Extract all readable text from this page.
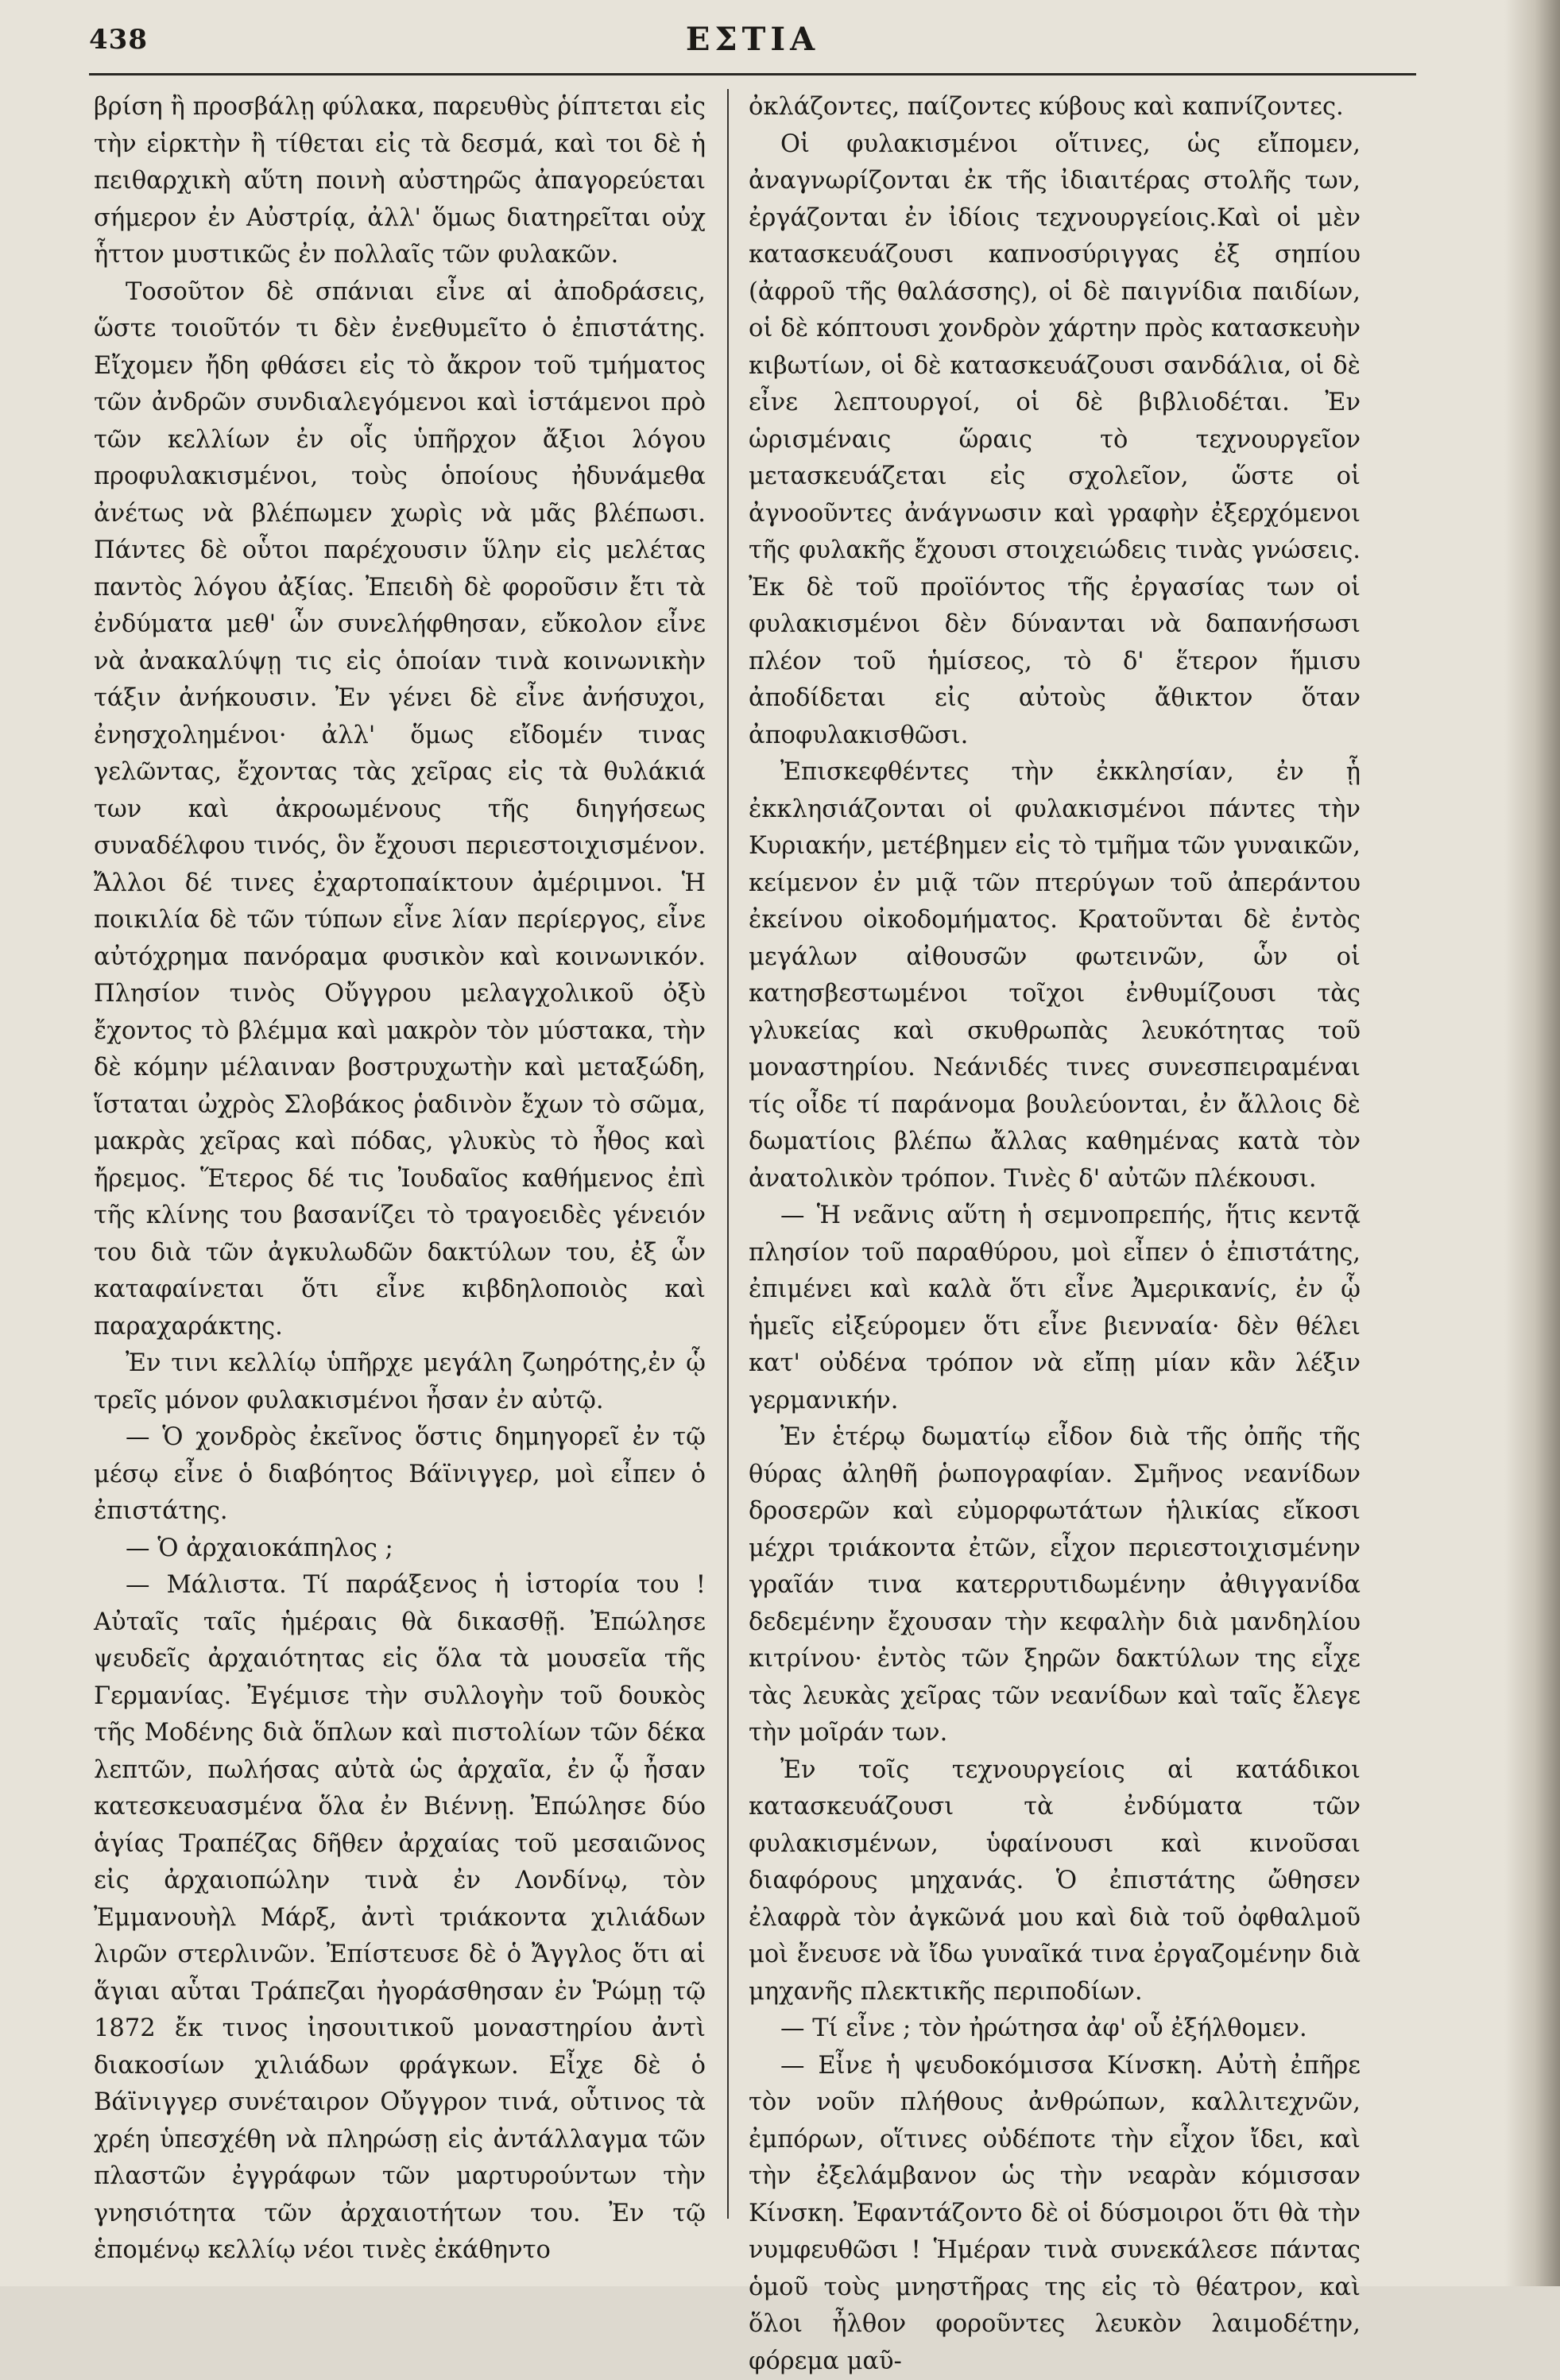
438	ΕΣΤΙΑ

βρίση ἢ προσβάλῃ φύλακα, παρευθὺς ῥίπτεται εἰς τὴν εἱρκτὴν ἢ τίθεται εἰς τὰ δεσμά, καὶ τοι δὲ ἡ πειθαρχικὴ αὕτη ποινὴ αὐστηρῶς ἀπαγορεύεται σήμερον ἐν Αὐστρίᾳ, ἀλλ' ὅμως διατηρεῖται οὐχ ἧττον μυστικῶς ἐν πολλαῖς τῶν φυλακῶν.

Τοσοῦτον δὲ σπάνιαι εἶνε αἱ ἀποδράσεις, ὥστε τοιοῦτόν τι δὲν ἐνεθυμεῖτο ὁ ἐπιστάτης. Εἴχομεν ἤδη φθάσει εἰς τὸ ἄκρον τοῦ τμήματος τῶν ἀνδρῶν συνδιαλεγόμενοι καὶ ἱστάμενοι πρὸ τῶν κελλίων ἐν οἷς ὑπῆρχον ἄξιοι λόγου προφυλακισμένοι, τοὺς ὁποίους ἠδυνάμεθα ἀνέτως νὰ βλέπωμεν χωρὶς νὰ μᾶς βλέπωσι. Πάντες δὲ οὗτοι παρέχουσιν ὕλην εἰς μελέτας παντὸς λόγου ἀξίας. Ἐπειδὴ δὲ φοροῦσιν ἔτι τὰ ἐνδύματα μεθ' ὧν συνελήφθησαν, εὔκολον εἶνε νὰ ἀνακαλύψῃ τις εἰς ὁποίαν τινὰ κοινωνικὴν τάξιν ἀνήκουσιν. Ἐν γένει δὲ εἶνε ἀνήσυχοι, ἐνησχολημένοι· ἀλλ' ὅμως εἴδομέν τινας γελῶντας, ἔχοντας τὰς χεῖρας εἰς τὰ θυλάκιά των καὶ ἀκροωμένους τῆς διηγήσεως συναδέλφου τινός, ὃν ἔχουσι περιεστοιχισμένον. Ἄλλοι δέ τινες ἐχαρτοπαίκτουν ἀμέριμνοι. Ἡ ποικιλία δὲ τῶν τύπων εἶνε λίαν περίεργος, εἶνε αὐτόχρημα πανόραμα φυσικὸν καὶ κοινωνικόν. Πλησίον τινὸς Οὔγγρου μελαγχολικοῦ ὀξὺ ἔχοντος τὸ βλέμμα καὶ μακρὸν τὸν μύστακα, τὴν δὲ κόμην μέλαιναν βοστρυχωτὴν καὶ μεταξώδη, ἵσταται ὠχρὸς Σλοβάκος ῥαδινὸν ἔχων τὸ σῶμα, μακρὰς χεῖρας καὶ πόδας, γλυκὺς τὸ ἦθος καὶ ἤρεμος. Ἕτερος δέ τις Ἰουδαῖος καθήμενος ἐπὶ τῆς κλίνης του βασανίζει τὸ τραγοειδὲς γένειόν του διὰ τῶν ἀγκυλωδῶν δακτύλων του, ἐξ ὧν καταφαίνεται ὅτι εἶνε κιβδηλοποιὸς καὶ παραχαράκτης.

Ἐν τινι κελλίῳ ὑπῆρχε μεγάλη ζωηρότης,ἐν ᾧ τρεῖς μόνον φυλακισμένοι ἦσαν ἐν αὐτῷ.

— Ὁ χονδρὸς ἐκεῖνος ὅστις δημηγορεῖ ἐν τῷ μέσῳ εἶνε ὁ διαβόητος Βάϊνιγγερ, μοὶ εἶπεν ὁ ἐπιστάτης.

— Ὁ ἀρχαιοκάπηλος ;

— Μάλιστα. Τί παράξενος ἡ ἱστορία του ! Αὐταῖς ταῖς ἡμέραις θὰ δικασθῇ. Ἐπώλησε ψευδεῖς ἀρχαιότητας εἰς ὅλα τὰ μουσεῖα τῆς Γερμανίας. Ἐγέμισε τὴν συλλογὴν τοῦ δουκὸς τῆς Μοδένης διὰ ὅπλων καὶ πιστολίων τῶν δέκα λεπτῶν, πωλήσας αὐτὰ ὡς ἀρχαῖα, ἐν ᾧ ἦσαν κατεσκευασμένα ὅλα ἐν Βιέννῃ. Ἐπώλησε δύο ἁγίας Τραπέζας δῆθεν ἀρχαίας τοῦ μεσαιῶνος εἰς ἀρχαιοπώλην τινὰ ἐν Λονδίνῳ, τὸν Ἐμμανουὴλ Μάρξ, ἀντὶ τριάκοντα χιλιάδων λιρῶν στερλινῶν. Ἐπίστευσε δὲ ὁ Ἄγγλος ὅτι αἱ ἅγιαι αὗται Τράπεζαι ἠγοράσθησαν ἐν Ῥώμῃ τῷ 1872 ἔκ τινος ἰησουιτικοῦ μοναστηρίου ἀντὶ διακοσίων χιλιάδων φράγκων. Εἶχε δὲ ὁ Βάϊνιγγερ συνέταιρον Οὔγγρον τινά, οὗτινος τὰ χρέη ὑπεσχέθη νὰ πληρώσῃ εἰς ἀντάλλαγμα τῶν πλαστῶν ἐγγράφων τῶν μαρτυρούντων τὴν γνησιότητα τῶν ἀρχαιοτήτων του. Ἐν τῷ ἑπομένῳ κελλίῳ νέοι τινὲς ἐκάθηντο

ὀκλάζοντες, παίζοντες κύβους καὶ καπνίζοντες.

Οἱ φυλακισμένοι οἵτινες, ὡς εἴπομεν, ἀναγνωρίζονται ἐκ τῆς ἰδιαιτέρας στολῆς των, ἐργάζονται ἐν ἰδίοις τεχνουργείοις.Καὶ οἱ μὲν κατασκευάζουσι καπνοσύριγγας ἐξ σηπίου (ἀφροῦ τῆς θαλάσσης), οἱ δὲ παιγνίδια παιδίων, οἱ δὲ κόπτουσι χονδρὸν χάρτην πρὸς κατασκευὴν κιβωτίων, οἱ δὲ κατασκευάζουσι σανδάλια, οἱ δὲ εἶνε λεπτουργοί, οἱ δὲ βιβλιοδέται. Ἐν ὡρισμέναις ὥραις τὸ τεχνουργεῖον μετασκευάζεται εἰς σχολεῖον, ὥστε οἱ ἀγνοοῦντες ἀνάγνωσιν καὶ γραφὴν ἐξερχόμενοι τῆς φυλακῆς ἔχουσι στοιχειώδεις τινὰς γνώσεις. Ἐκ δὲ τοῦ προϊόντος τῆς ἐργασίας των οἱ φυλακισμένοι δὲν δύνανται νὰ δαπανήσωσι πλέον τοῦ ἡμίσεος, τὸ δ' ἕτερον ἥμισυ ἀποδίδεται εἰς αὐτοὺς ἄθικτον ὅταν ἀποφυλακισθῶσι.

Ἐπισκεφθέντες τὴν ἐκκλησίαν, ἐν ᾗ ἐκκλησιάζονται οἱ φυλακισμένοι πάντες τὴν Κυριακήν, μετέβημεν εἰς τὸ τμῆμα τῶν γυναικῶν, κείμενον ἐν μιᾷ τῶν πτερύγων τοῦ ἀπεράντου ἐκείνου οἰκοδομήματος. Κρατοῦνται δὲ ἐντὸς μεγάλων αἰθουσῶν φωτεινῶν, ὧν οἱ κατησβεστωμένοι τοῖχοι ἐνθυμίζουσι τὰς γλυκείας καὶ σκυθρωπὰς λευκότητας τοῦ μοναστηρίου. Νεάνιδές τινες συνεσπειραμέναι τίς οἶδε τί παράνομα βουλεύονται, ἐν ἄλλοις δὲ δωματίοις βλέπω ἄλλας καθημένας κατὰ τὸν ἀνατολικὸν τρόπον. Τινὲς δ' αὐτῶν πλέκουσι.

— Ἡ νεᾶνις αὕτη ἡ σεμνοπρεπής, ἥτις κεντᾷ πλησίον τοῦ παραθύρου, μοὶ εἶπεν ὁ ἐπιστάτης, ἐπιμένει καὶ καλὰ ὅτι εἶνε Ἀμερικανίς, ἐν ᾧ ἡμεῖς εἰξεύρομεν ὅτι εἶνε βιενναία· δὲν θέλει κατ' οὐδένα τρόπον νὰ εἴπῃ μίαν κἂν λέξιν γερμανικήν.

Ἐν ἑτέρῳ δωματίῳ εἶδον διὰ τῆς ὀπῆς τῆς θύρας ἀληθῆ ῥωπογραφίαν. Σμῆνος νεανίδων δροσερῶν καὶ εὐμορφωτάτων ἡλικίας εἴκοσι μέχρι τριάκοντα ἐτῶν, εἶχον περιεστοιχισμένην γραῖάν τινα κατερρυτιδωμένην ἀθιγγανίδα δεδεμένην ἔχουσαν τὴν κεφαλὴν διὰ μανδηλίου κιτρίνου· ἐντὸς τῶν ξηρῶν δακτύλων της εἶχε τὰς λευκὰς χεῖρας τῶν νεανίδων καὶ ταῖς ἔλεγε τὴν μοῖράν των.

Ἐν τοῖς τεχνουργείοις αἱ κατάδικοι κατασκευάζουσι τὰ ἐνδύματα τῶν φυλακισμένων, ὑφαίνουσι καὶ κινοῦσαι διαφόρους μηχανάς. Ὁ ἐπιστάτης ὤθησεν ἐλαφρὰ τὸν ἀγκῶνά μου καὶ διὰ τοῦ ὀφθαλμοῦ μοὶ ἔνευσε νὰ ἴδω γυναῖκά τινα ἐργαζομένην διὰ μηχανῆς πλεκτικῆς περιποδίων.

— Τί εἶνε ; τὸν ἠρώτησα ἀφ' οὗ ἐξήλθομεν.

— Εἶνε ἡ ψευδοκόμισσα Κίνσκη. Αὐτὴ ἐπῆρε τὸν νοῦν πλήθους ἀνθρώπων, καλλιτεχνῶν, ἐμπόρων, οἵτινες οὐδέποτε τὴν εἶχον ἴδει, καὶ τὴν ἐξελάμβανον ὡς τὴν νεαρὰν κόμισσαν Κίνσκη. Ἐφαντάζοντο δὲ οἱ δύσμοιροι ὅτι θὰ τὴν νυμφευθῶσι ! Ἡμέραν τινὰ συνεκάλεσε πάντας ὁμοῦ τοὺς μνηστῆρας της εἰς τὸ θέατρον, καὶ ὅλοι ἦλθον φοροῦντες λευκὸν λαιμοδέτην, φόρεμα μαῦ-
